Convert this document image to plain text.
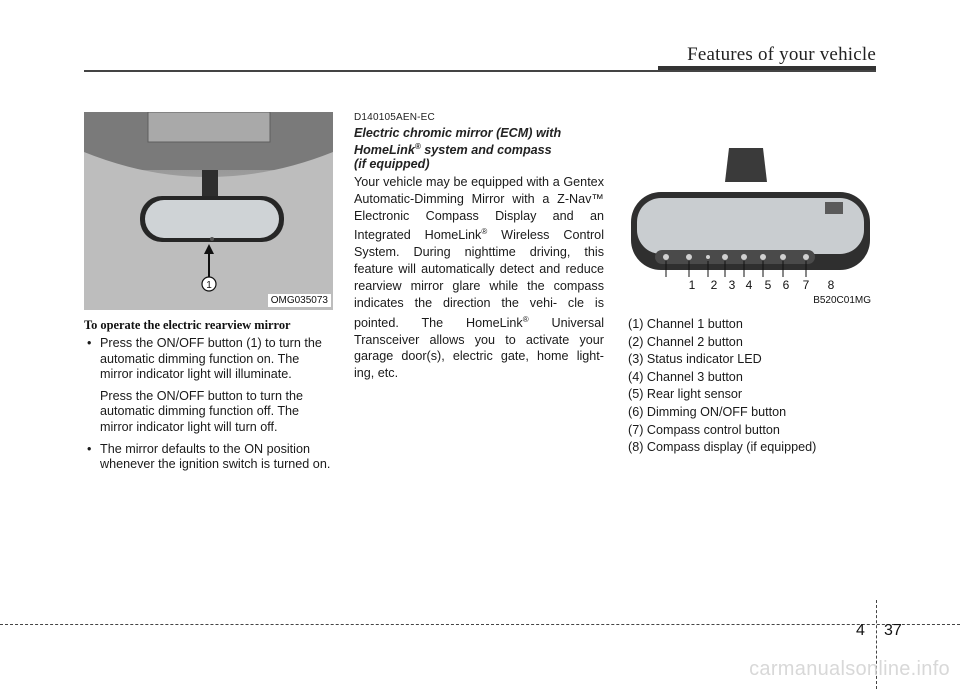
Features of your vehicle
1
OMG035073
To operate the electric rearview mirror

• Press the ON/OFF button (1) to turn the automatic dimming function on. The mirror indicator light will illuminate.

Press the ON/OFF button to turn the automatic dimming function off. The mirror indicator light will turn off.

• The mirror defaults to the ON position whenever the ignition switch is turned on.

D140105AEN-EC
Electric chromic mirror (ECM) with HomeLink® system and compass
(if equipped)
Your vehicle may be equipped with a Gentex Automatic-Dimming Mirror with a Z-Nav™ Electronic Compass Display and an Integrated HomeLink® Wireless Control System. During nighttime driving, this feature will automatically detect and reduce rearview mirror glare while the compass indicates the direction the vehi- cle is pointed. The HomeLink® Universal Transceiver allows you to activate your garage door(s), electric gate, home light- ing, etc.
1 2 3 4 5 6 7 8
B520C01MG
(1) Channel 1 button
(2) Channel 2 button
(3) Status indicator LED
(4) Channel 3 button
(5) Rear light sensor
(6) Dimming ON/OFF button
(7) Compass control button
(8) Compass display (if equipped)
4 37
carmanualsonline.info
